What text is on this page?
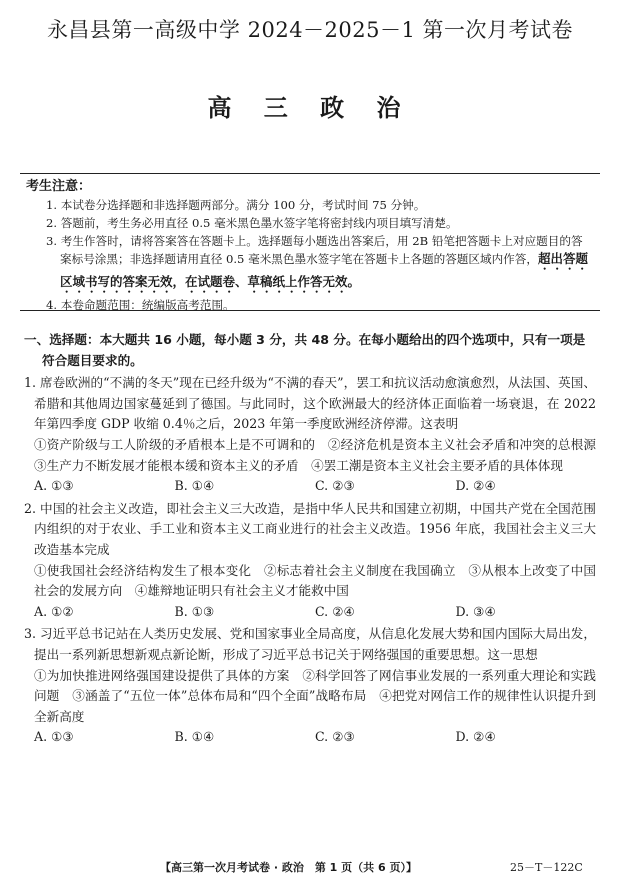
永昌县第一高级中学 2024－2025－1 第一次月考试卷
高 三 政 治
考生注意：
1. 本试卷分选择题和非选择题两部分。满分 100 分，考试时间 75 分钟。
2. 答题前，考生务必用直径 0.5 毫米黑色墨水签字笔将密封线内项目填写清楚。
3. 考生作答时，请将答案答在答题卡上。选择题每小题选出答案后，用 2B 铅笔把答题卡上对应题目的答案标号涂黑；非选择题请用直径 0.5 毫米黑色墨水签字笔在答题卡上各题的答题区域内作答，超出答题区域书写的答案无效，在试题卷、草稿纸上作答无效。
4. 本卷命题范围：统编版高考范围。
一、选择题：本大题共 16 小题，每小题 3 分，共 48 分。在每小题给出的四个选项中，只有一项是符合题目要求的。
1. 席卷欧洲的“不满的冬天”现在已经升级为“不满的春天”，罢工和抗议活动愈演愈烈，从法国、英国、希腊和其他周边国家蔓延到了德国。与此同时，这个欧洲最大的经济体正面临着一场衰退，在 2022 年第四季度 GDP 收缩 0.4％之后，2023 年第一季度欧洲经济停滞。这表明
①资产阶级与工人阶级的矛盾根本上是不可调和的　②经济危机是资本主义社会矛盾和冲突的总根源　③生产力不断发展才能根本缓和资本主义的矛盾　④罢工潮是资本主义社会主要矛盾的具体体现
A. ①③	B. ①④	C. ②③	D. ②④
2. 中国的社会主义改造，即社会主义三大改造，是指中华人民共和国建立初期，中国共产党在全国范围内组织的对于农业、手工业和资本主义工商业进行的社会主义改造。1956 年底，我国社会主义三大改造基本完成
①使我国社会经济结构发生了根本变化　②标志着社会主义制度在我国确立　③从根本上改变了中国社会的发展方向　④雄辩地证明只有社会主义才能救中国
A. ①②	B. ①③	C. ②④	D. ③④
3. 习近平总书记站在人类历史发展、党和国家事业全局高度，从信息化发展大势和国内国际大局出发，提出一系列新思想新观点新论断，形成了习近平总书记关于网络强国的重要思想。这一思想
①为加快推进网络强国建设提供了具体的方案　②科学回答了网信事业发展的一系列重大理论和实践问题　③涵盖了“五位一体”总体布局和“四个全面”战略布局　④把党对网信工作的规律性认识提升到全新高度
A. ①③	B. ①④	C. ②③	D. ②④
【高三第一次月考试卷 · 政治　第 1 页（共 6 页）】	25－T－122C
